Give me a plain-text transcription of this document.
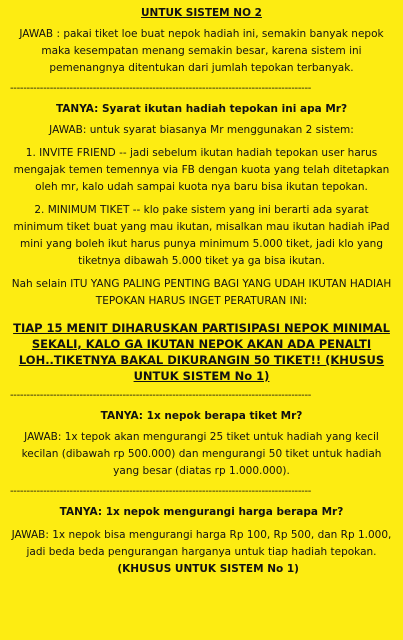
UNTUK SISTEM NO 2
JAWAB : pakai tiket loe buat nepok hadiah ini, semakin banyak nepok maka kesempatan menang semakin besar, karena sistem ini pemenangnya ditentukan dari jumlah tepokan terbanyak.
-------------------------------------------------------------------------------------------
TANYA: Syarat ikutan hadiah tepokan ini apa Mr?
JAWAB: untuk syarat biasanya Mr menggunakan 2 sistem:
1. INVITE FRIEND -- jadi sebelum ikutan hadiah tepokan user harus mengajak temen temennya via FB dengan kuota yang telah ditetapkan oleh mr, kalo udah sampai kuota nya baru bisa ikutan tepokan.
2. MINIMUM TIKET -- klo pake sistem yang ini berarti ada syarat minimum tiket buat yang mau ikutan, misalkan mau ikutan hadiah iPad mini yang boleh ikut harus punya minimum 5.000 tiket, jadi klo yang tiketnya dibawah 5.000 tiket ya ga bisa ikutan.
Nah selain ITU YANG PALING PENTING BAGI YANG UDAH IKUTAN HADIAH TEPOKAN HARUS INGET PERATURAN INI:
TIAP 15 MENIT DIHARUSKAN PARTISIPASI NEPOK MINIMAL SEKALI, KALO GA IKUTAN NEPOK AKAN ADA PENALTI LOH..TIKETNYA BAKAL DIKURANGIN 50 TIKET!! (KHUSUS UNTUK SISTEM No 1)
-------------------------------------------------------------------------------------------
TANYA: 1x nepok berapa tiket Mr?
JAWAB: 1x tepok akan mengurangi 25 tiket untuk hadiah yang kecil kecilan (dibawah rp 500.000) dan mengurangi 50 tiket untuk hadiah yang besar (diatas rp 1.000.000).
-------------------------------------------------------------------------------------------
TANYA: 1x nepok mengurangi harga berapa Mr?
JAWAB: 1x nepok bisa mengurangi harga Rp 100, Rp 500, dan Rp 1.000, jadi beda beda pengurangan harganya untuk tiap hadiah tepokan.     (KHUSUS UNTUK SISTEM No 1)
